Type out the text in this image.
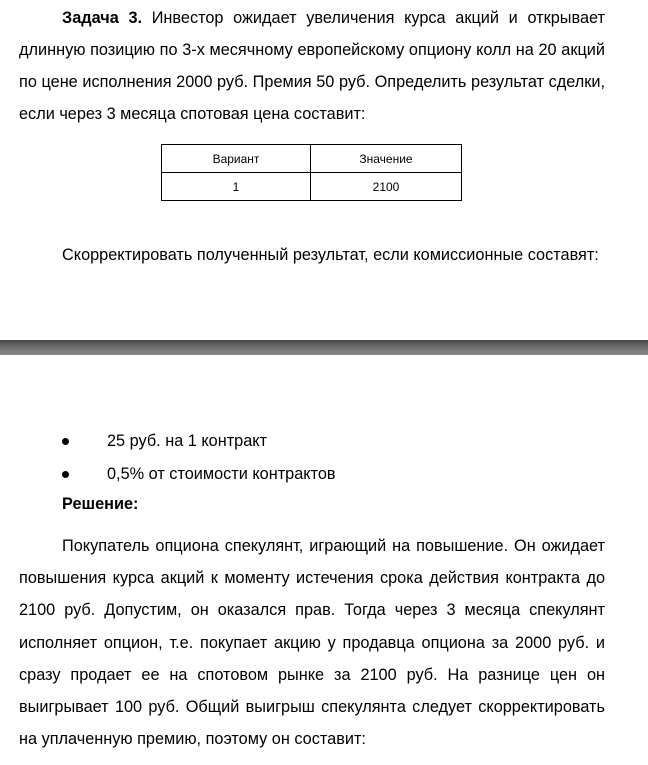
Задача 3. Инвестор ожидает увеличения курса акций и открывает длинную позицию по 3-х месячному европейскому опциону колл на 20 акций по цене исполнения 2000 руб. Премия 50 руб. Определить результат сделки, если через 3 месяца спотовая цена составит:

Вариант	Значение
1	2100

Скорректировать полученный результат, если комиссионные составят:

25 руб. на 1 контракт
0,5% от стоимости контрактов

Решение:

Покупатель опциона спекулянт, играющий на повышение. Он ожидает повышения курса акций к моменту истечения срока действия контракта до 2100 руб. Допустим, он оказался прав. Тогда через 3 месяца спекулянт исполняет опцион, т.е. покупает акцию у продавца опциона за 2000 руб. и сразу продает ее на спотовом рынке за 2100 руб. На разнице цен он выигрывает 100 руб. Общий выигрыш спекулянта следует скорректировать на уплаченную премию, поэтому он составит:
